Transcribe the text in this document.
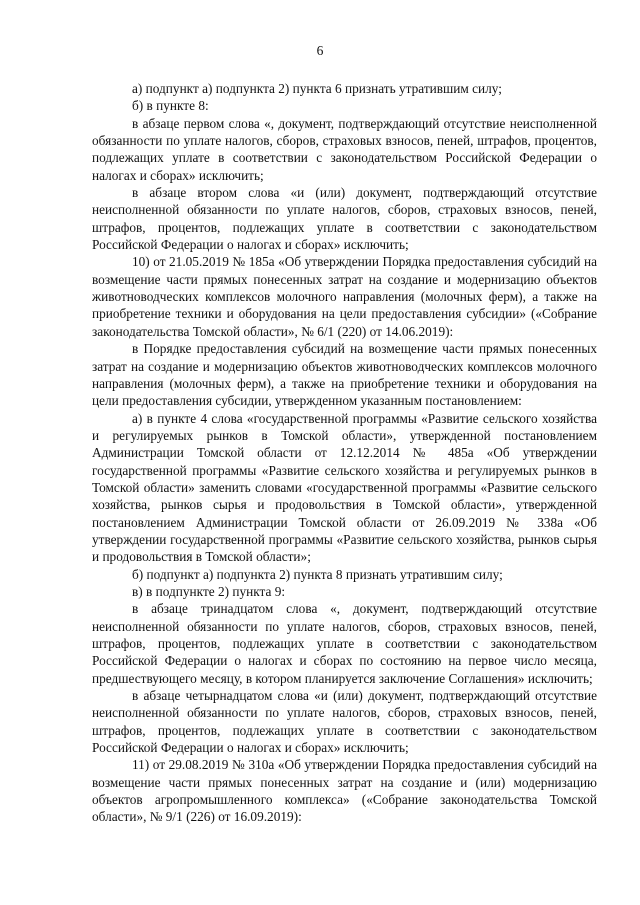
6

а) подпункт а) подпункта 2) пункта 6 признать утратившим силу;

б) в пункте 8:

в абзаце первом слова «, документ, подтверждающий отсутствие неисполненной обязанности по уплате налогов, сборов, страховых взносов, пеней, штрафов, процентов, подлежащих уплате в соответствии с законодательством Российской Федерации о налогах и сборах» исключить;

в абзаце втором слова «и (или) документ, подтверждающий отсутствие неисполненной обязанности по уплате налогов, сборов, страховых взносов, пеней, штрафов, процентов, подлежащих уплате в соответствии с законодательством Российской Федерации о налогах и сборах» исключить;

10) от 21.05.2019 № 185а «Об утверждении Порядка предоставления субсидий на возмещение части прямых понесенных затрат на создание и модернизацию объектов животноводческих комплексов молочного направления (молочных ферм), а также на приобретение техники и оборудования на цели предоставления субсидии» («Собрание законодательства Томской области», № 6/1 (220) от 14.06.2019):

в Порядке предоставления субсидий на возмещение части прямых понесенных затрат на создание и модернизацию объектов животноводческих комплексов молочного направления (молочных ферм), а также на приобретение техники и оборудования на цели предоставления субсидии, утвержденном указанным постановлением:

а) в пункте 4 слова «государственной программы «Развитие сельского хозяйства и регулируемых рынков в Томской области», утвержденной постановлением Администрации Томской области от 12.12.2014 № 485а «Об утверждении государственной программы «Развитие сельского хозяйства и регулируемых рынков в Томской области» заменить словами «государственной программы «Развитие сельского хозяйства, рынков сырья и продовольствия в Томской области», утвержденной постановлением Администрации Томской области от 26.09.2019 № 338а «Об утверждении государственной программы «Развитие сельского хозяйства, рынков сырья и продовольствия в Томской области»;

б) подпункт а) подпункта 2) пункта 8 признать утратившим силу;

в) в подпункте 2) пункта 9:

в абзаце тринадцатом слова «, документ, подтверждающий отсутствие неисполненной обязанности по уплате налогов, сборов, страховых взносов, пеней, штрафов, процентов, подлежащих уплате в соответствии с законодательством Российской Федерации о налогах и сборах по состоянию на первое число месяца, предшествующего месяцу, в котором планируется заключение Соглашения» исключить;

в абзаце четырнадцатом слова «и (или) документ, подтверждающий отсутствие неисполненной обязанности по уплате налогов, сборов, страховых взносов, пеней, штрафов, процентов, подлежащих уплате в соответствии с законодательством Российской Федерации о налогах и сборах» исключить;

11) от 29.08.2019 № 310а «Об утверждении Порядка предоставления субсидий на возмещение части прямых понесенных затрат на создание и (или) модернизацию объектов агропромышленного комплекса» («Собрание законодательства Томской области», № 9/1 (226) от 16.09.2019):
